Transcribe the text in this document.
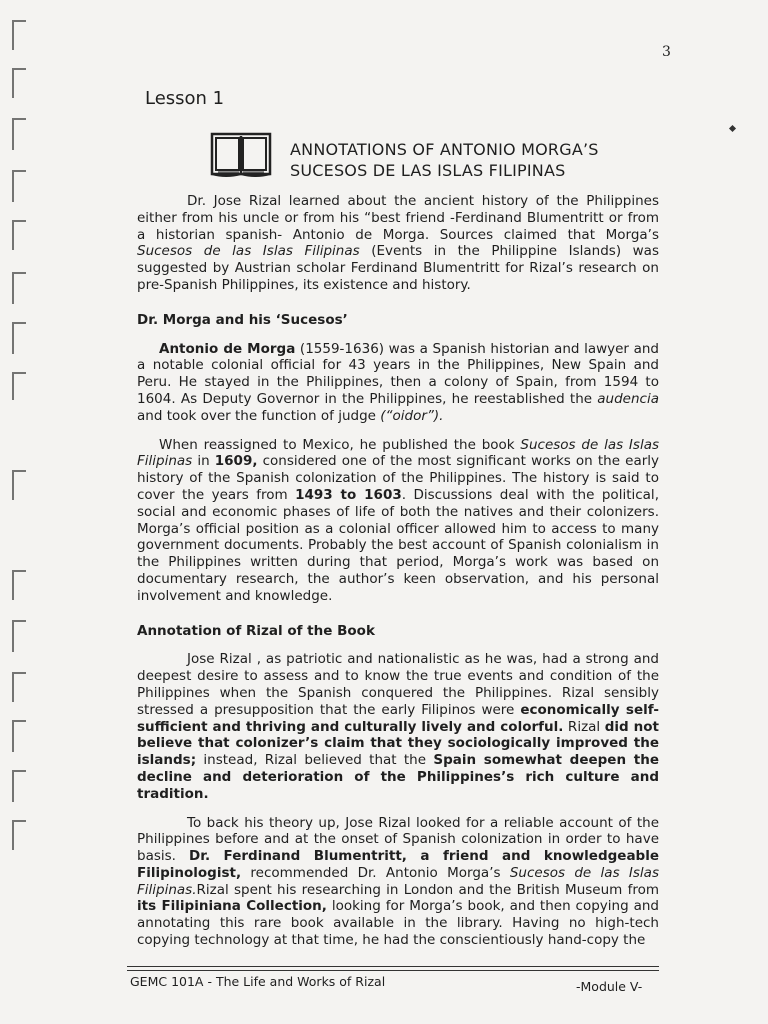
3
Lesson 1
ANNOTATIONS OF ANTONIO MORGA’S
SUCESOS DE LAS ISLAS FILIPINAS

Dr. Jose Rizal learned about the ancient history of the Philippines either from his uncle or from his “best friend -Ferdinand Blumentritt or from a historian spanish- Antonio de Morga. Sources claimed that Morga’s Sucesos de las Islas Filipinas (Events in the Philippine Islands) was suggested by Austrian scholar Ferdinand Blumentritt for Rizal’s research on pre-Spanish Philippines, its existence and history.

Dr. Morga and his ‘Sucesos’

Antonio de Morga (1559-1636) was a Spanish historian and lawyer and a notable colonial official for 43 years in the Philippines, New Spain and Peru. He stayed in the Philippines, then a colony of Spain, from 1594 to 1604. As Deputy Governor in the Philippines, he reestablished the audencia and took over the function of judge (“oidor”).

When reassigned to Mexico, he published the book Sucesos de las Islas Filipinas in 1609, considered one of the most significant works on the early history of the Spanish colonization of the Philippines. The history is said to cover the years from 1493 to 1603. Discussions deal with the political, social and economic phases of life of both the natives and their colonizers. Morga’s official position as a colonial officer allowed him to access to many government documents. Probably the best account of Spanish colonialism in the Philippines written during that period, Morga’s work was based on documentary research, the author’s keen observation, and his personal involvement and knowledge.

Annotation of Rizal of the Book

Jose Rizal , as patriotic and nationalistic as he was, had a strong and deepest desire to assess and to know the true events and condition of the Philippines when the Spanish conquered the Philippines. Rizal sensibly stressed a presupposition that the early Filipinos were economically self-sufficient and thriving and culturally lively and colorful. Rizal did not believe that colonizer’s claim that they sociologically improved the islands; instead, Rizal believed that the Spain somewhat deepen the decline and deterioration of the Philippines’s rich culture and tradition.

To back his theory up, Jose Rizal looked for a reliable account of the Philippines before and at the onset of Spanish colonization in order to have basis. Dr. Ferdinand Blumentritt, a friend and knowledgeable Filipinologist, recommended Dr. Antonio Morga’s Sucesos de las Islas Filipinas.Rizal spent his researching in London and the British Museum from its Filipiniana Collection, looking for Morga’s book, and then copying and annotating this rare book available in the library. Having no high-tech copying technology at that time, he had the conscientiously hand-copy the

GEMC 101A - The Life and Works of Rizal	-Module V-
